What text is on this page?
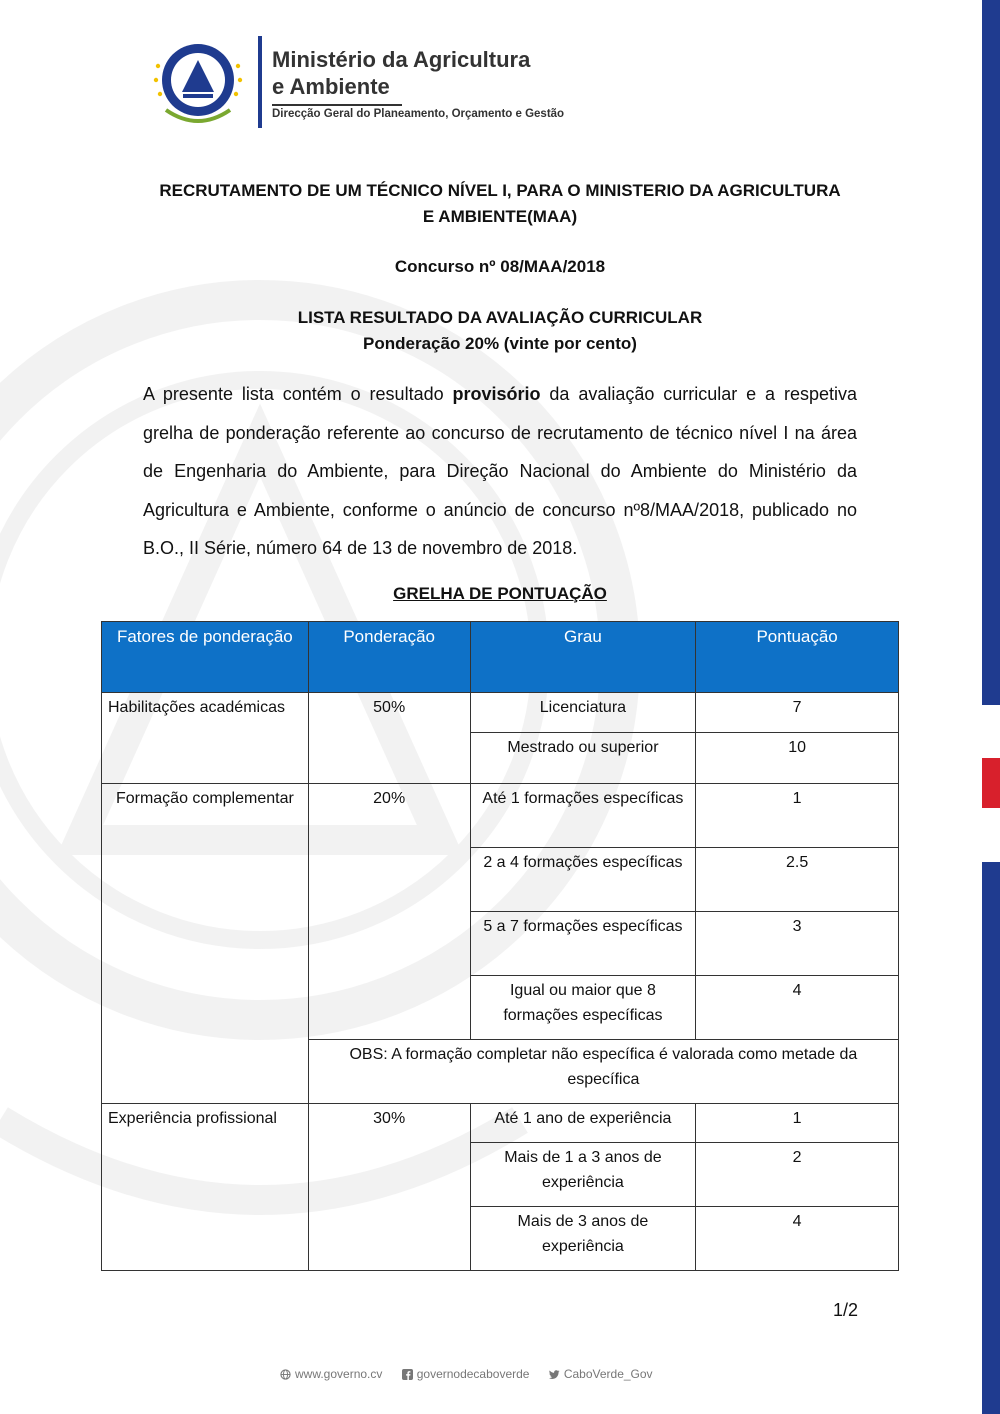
Ministério da Agricultura
e Ambiente
Direcção Geral do Planeamento, Orçamento e Gestão
RECRUTAMENTO DE UM TÉCNICO NÍVEL I, PARA O MINISTERIO DA AGRICULTURA
E AMBIENTE(MAA)
Concurso nº 08/MAA/2018
LISTA RESULTADO DA AVALIAÇÃO CURRICULAR
Ponderação 20% (vinte por cento)
A presente lista contém o resultado provisório da avaliação curricular e a respetiva grelha de ponderação referente ao concurso de recrutamento de técnico nível I na área de Engenharia do Ambiente, para Direção Nacional do Ambiente do Ministério da Agricultura e Ambiente, conforme o anúncio de concurso nº8/MAA/2018, publicado no B.O., II Série, número 64 de 13 de novembro de 2018.
GRELHA DE PONTUAÇÃO
Fatores de ponderação	Ponderação	Grau	Pontuação
Habilitações académicas	50%	Licenciatura	7
		Mestrado ou superior	10
Formação complementar	20%	Até 1 formações específicas	1
		2 a 4 formações específicas	2.5
		5 a 7 formações específicas	3
		Igual ou maior que 8 formações específicas	4
	OBS: A formação completar não específica é valorada como metade da específica		
Experiência profissional	30%	Até 1 ano de experiência	1
		Mais de 1 a 3 anos de experiência	2
		Mais de 3 anos de experiência	4
1/2
www.governo.cv	governodecaboverde	CaboVerde_Gov
